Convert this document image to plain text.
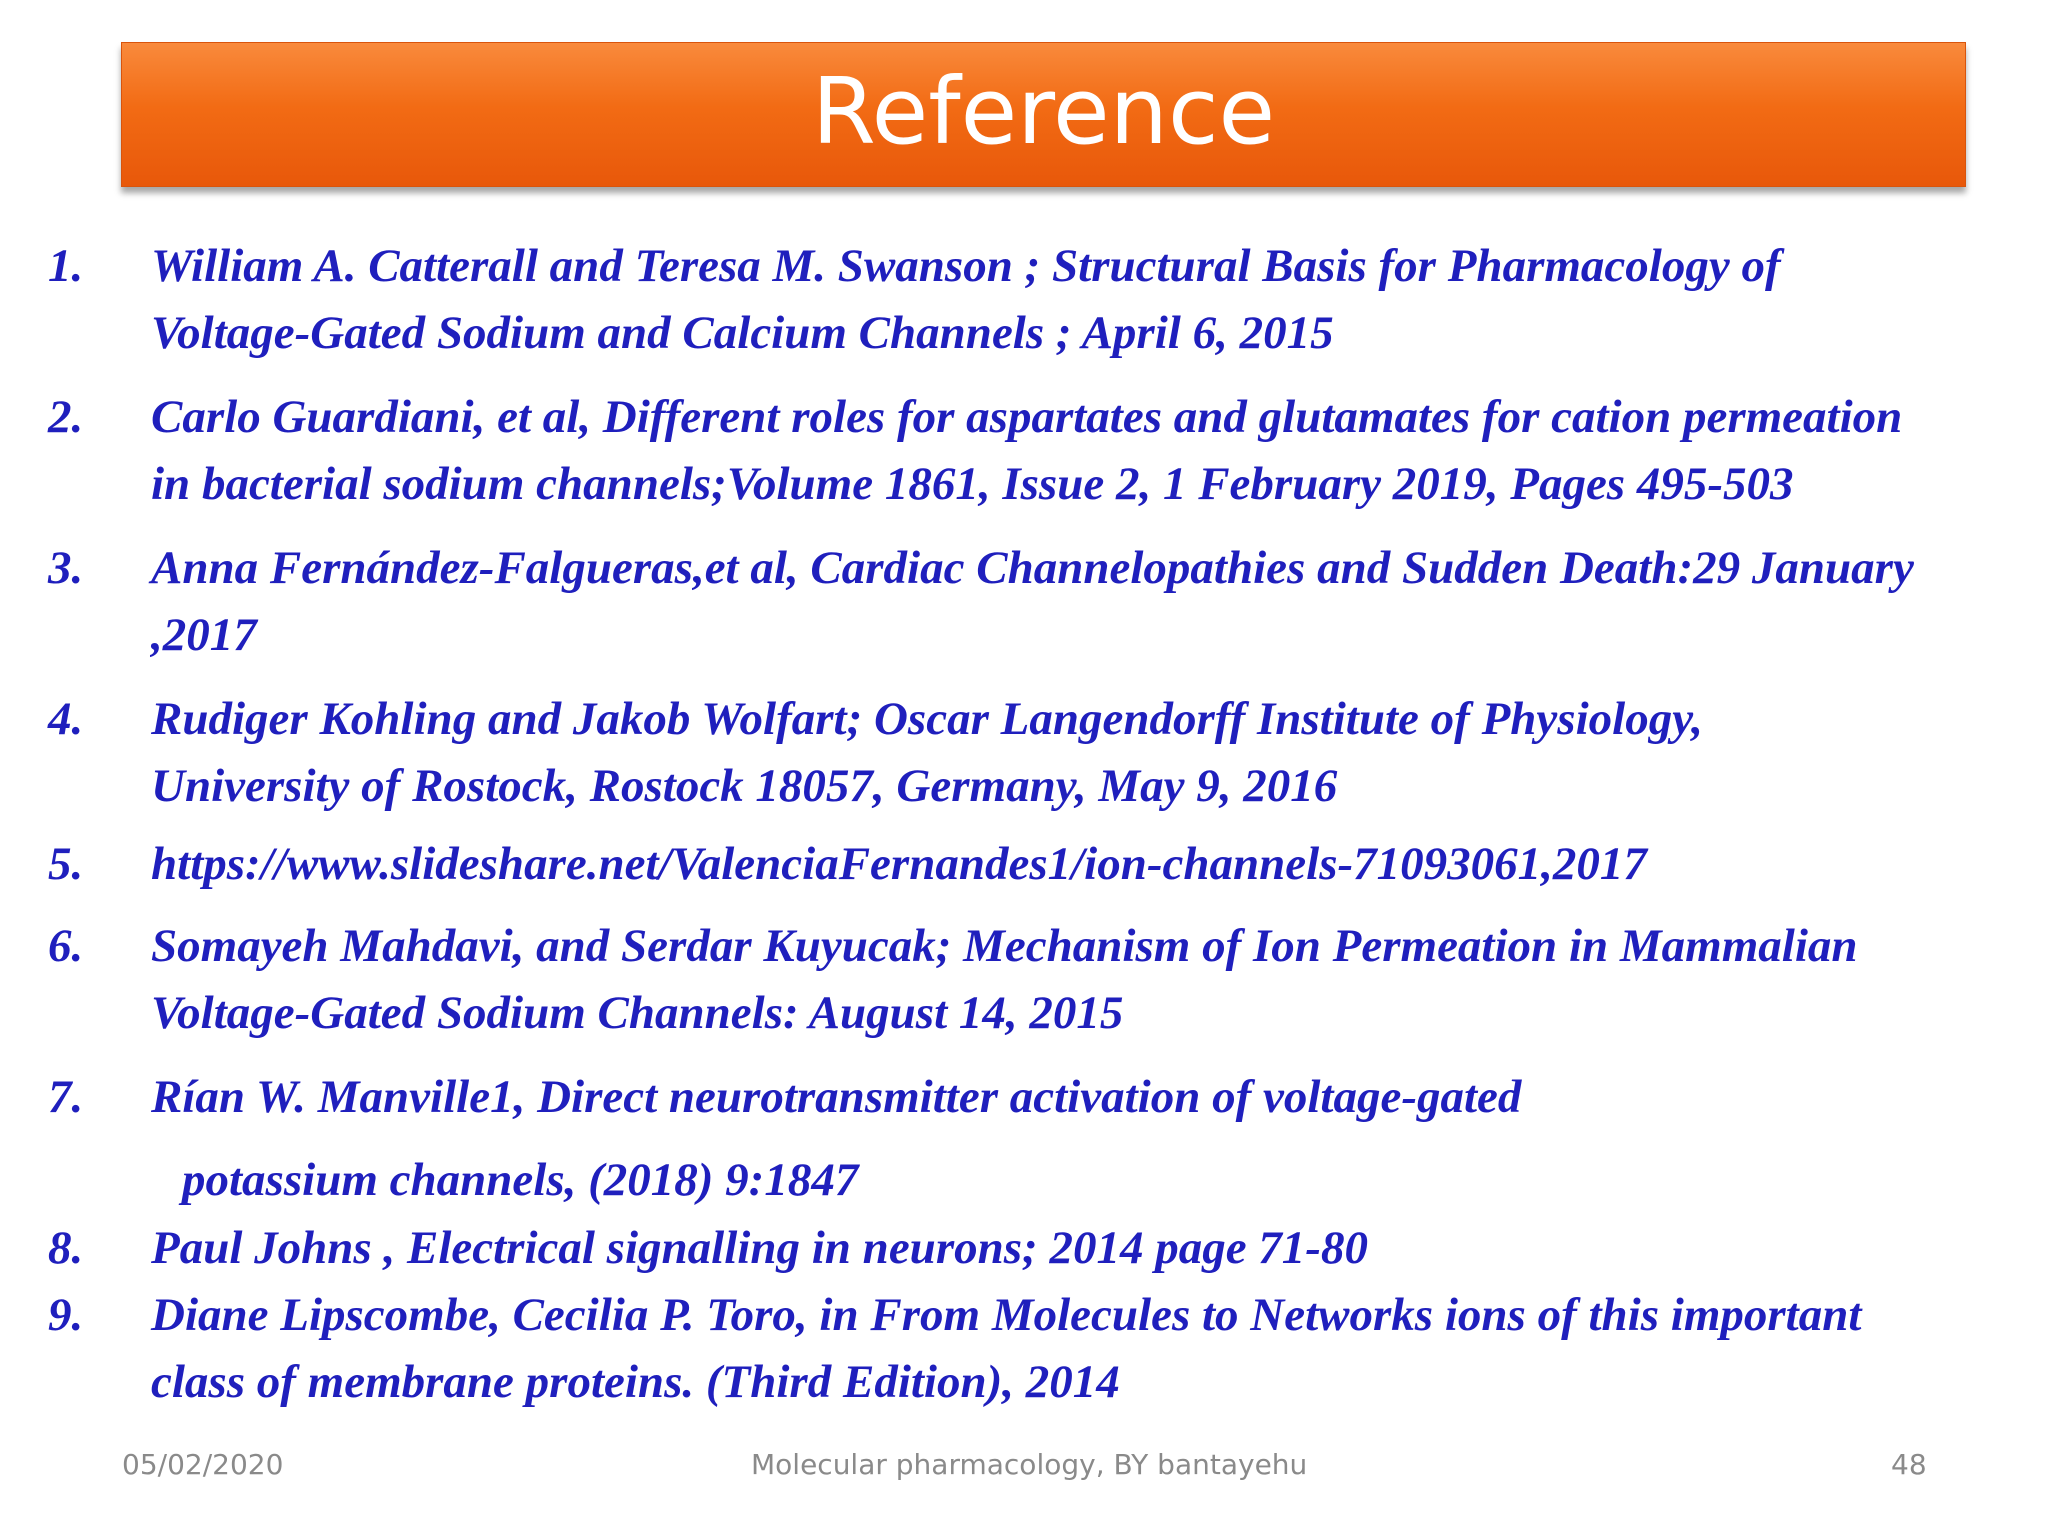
Reference
1. William A. Catterall and Teresa M. Swanson ; Structural Basis for Pharmacology of
Voltage-Gated Sodium and Calcium Channels ; April 6, 2015
2. Carlo Guardiani, et al, Different roles for aspartates and glutamates for cation permeation
in bacterial sodium channels;Volume 1861, Issue 2, 1 February 2019, Pages 495-503
3. Anna Fernández-Falgueras,et al, Cardiac Channelopathies and Sudden Death:29 January
,2017
4. Rudiger Kohling and Jakob Wolfart; Oscar Langendorff Institute of Physiology,
University of Rostock, Rostock 18057, Germany, May 9, 2016
5. https://www.slideshare.net/ValenciaFernandes1/ion-channels-71093061,2017
6. Somayeh Mahdavi, and Serdar Kuyucak; Mechanism of Ion Permeation in Mammalian
Voltage-Gated Sodium Channels: August 14, 2015
7. Rían W. Manville1, Direct neurotransmitter activation of voltage-gated
potassium channels, (2018) 9:1847
8. Paul Johns , Electrical signalling in neurons; 2014 page 71-80
9. Diane Lipscombe, Cecilia P. Toro, in From Molecules to Networks ions of this important
class of membrane proteins. (Third Edition), 2014
05/02/2020	Molecular pharmacology, BY bantayehu	48
